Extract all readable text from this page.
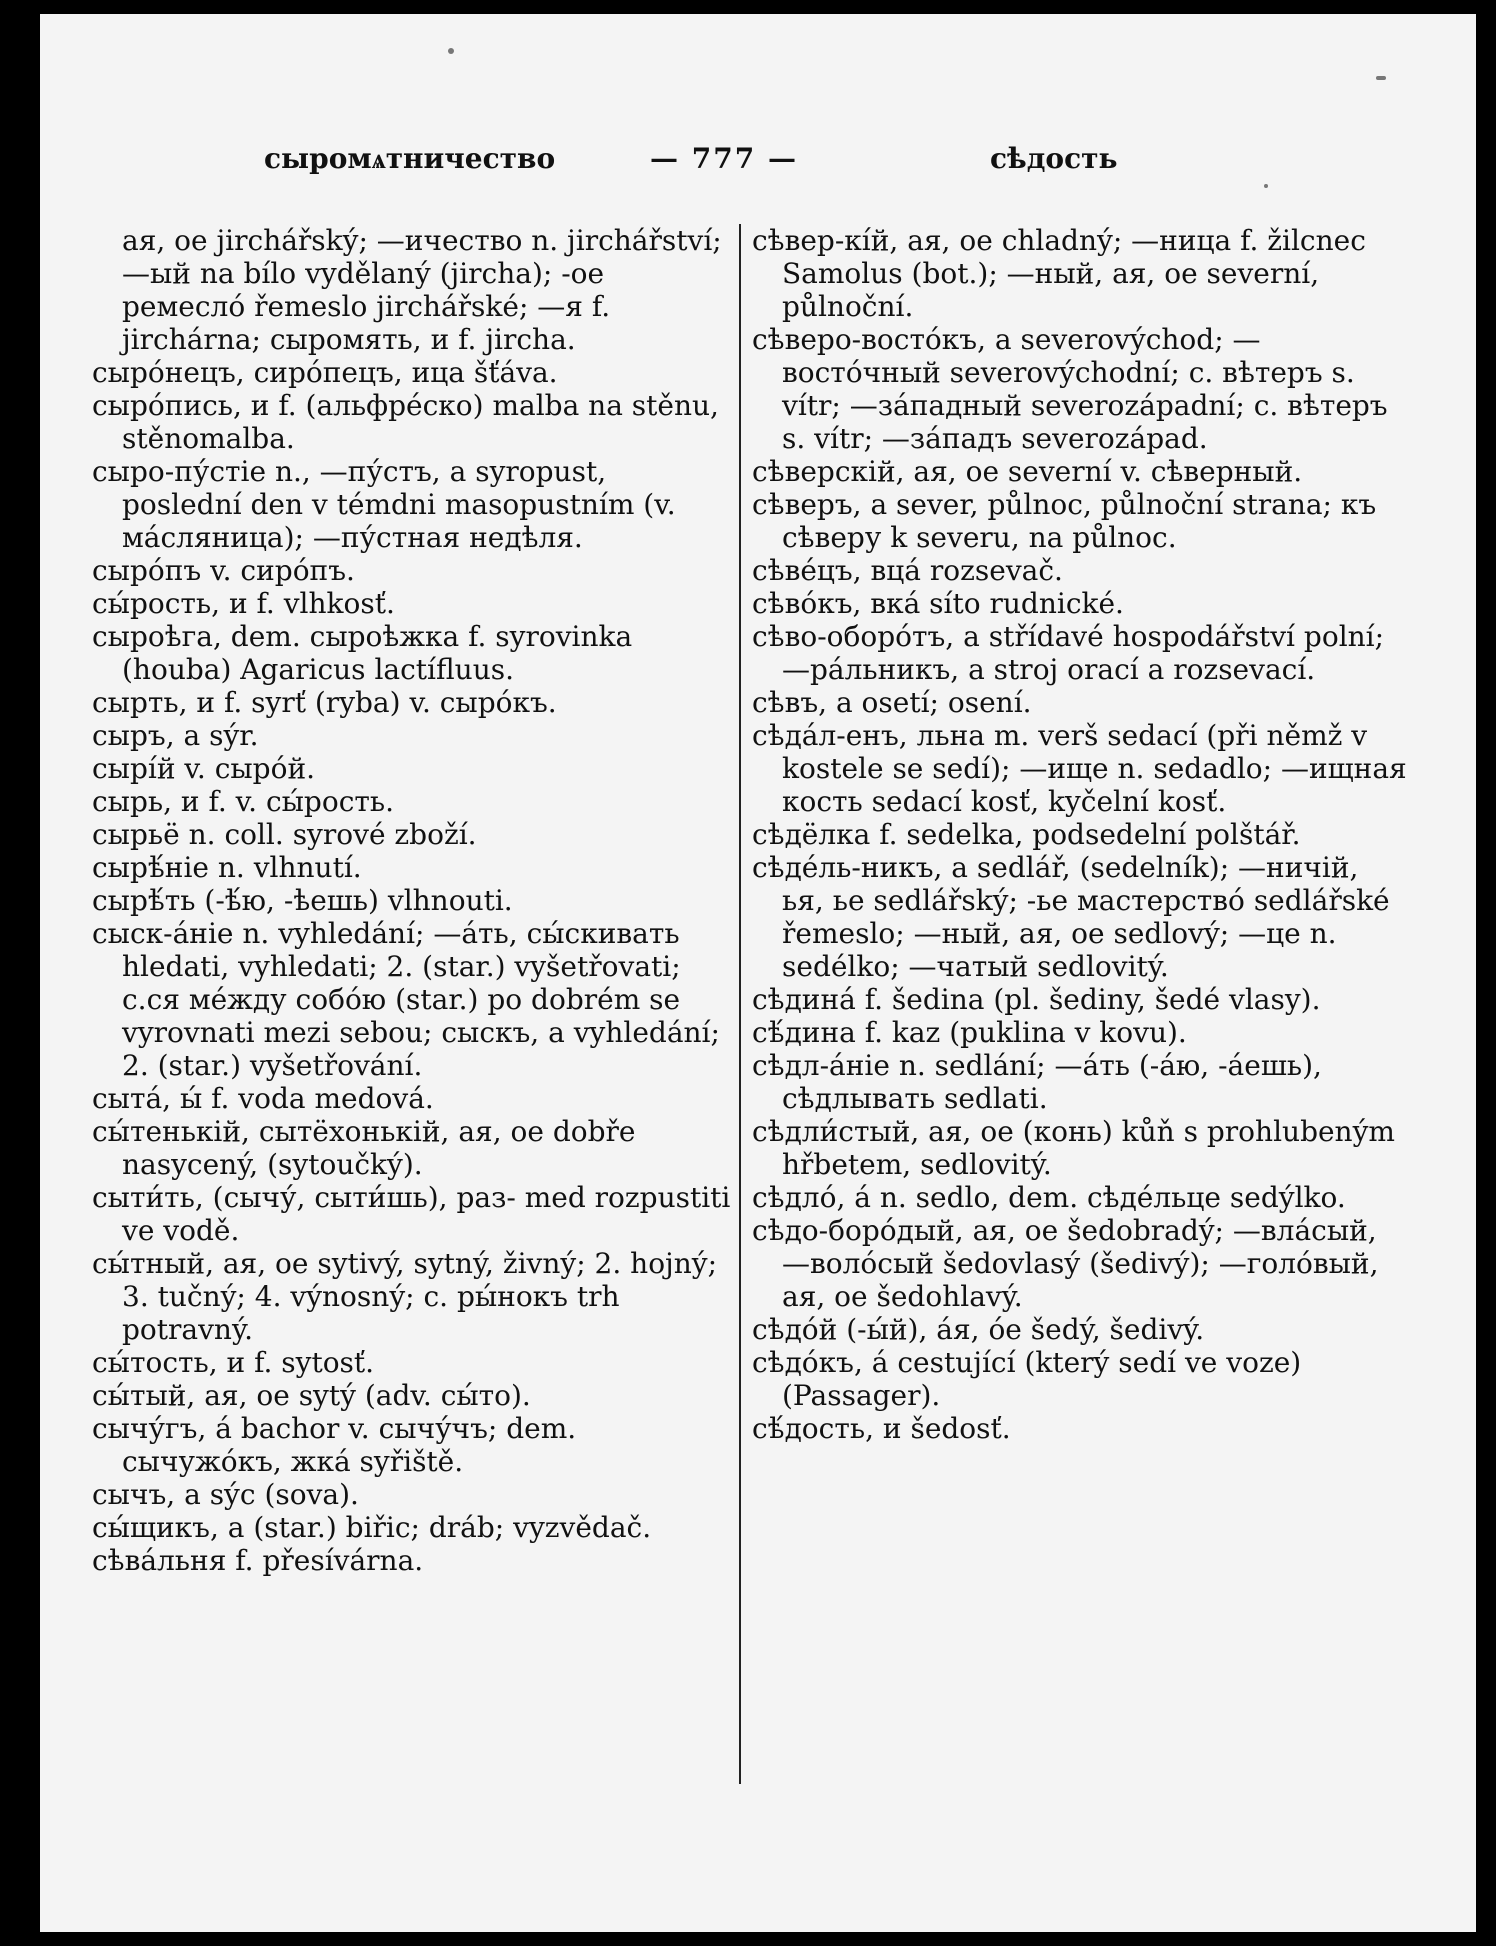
сыромѧтничество	— 777 —	сѣдость

ая, ое jirchářský; —ичество n. jirchářství; —ый na bílo vydělaný (jircha); -ое ремесло́ řemeslo jirchářské; —я f. jirchárna; сыромять, и f. jircha.

сыро́нецъ, сиро́пецъ, ица šťáva.

сыро́пись, и f. (альфре́ско) malba na stěnu, stěnomalba.

сыро-пу́стіе n., —пу́стъ, а syropust, poslední den v témdni masopustním (v. ма́сляница); —пу́стная недѣля.

сыро́пъ v. сиро́пъ.

сы́рость, и f. vlhkosť.

сыроѣга, dem. сыроѣжка f. syrovinka (houba) Agaricus lactífluus.

сырть, и f. syrť (ryba) v. сыро́къ.

сыръ, а sýr.

сырі́й v. сыро́й.

сырь, и f. v. сы́рость.

сырьё n. coll. syrové zboží.

сырѣ́ніе n. vlhnutí.

сырѣ́ть (-ѣ́ю, -ѣешь) vlhnouti.

сыск-а́ніе n. vyhledání; —а́ть, сы́скивать hledati, vyhledati; 2. (star.) vyšetřovati; с.ся ме́жду собо́ю (star.) po dobrém se vyrovnati mezi sebou; сыскъ, а vyhledání; 2. (star.) vyšetřování.

сыта́, ы́ f. voda medová.

сы́тенькій, сытёхонькій, ая, ое dobře nasycený, (sytoučký).

сыти́ть, (сычу́, сыти́шь), раз- med rozpustiti ve vodě.

сы́тный, ая, ое sytivý, sytný, živný; 2. hojný; 3. tučný; 4. výnosný; с. ры́нокъ trh potravný.

сы́тость, и f. sytosť.

сы́тый, ая, ое sytý (adv. сы́то).

сычу́гъ, а́ bachor v. сычу́чъ; dem. сычужо́къ, жка́ syřiště.

сычъ, а sýc (sova).

сы́щикъ, а (star.) biřic; dráb; vyzvědač.

сѣва́льня f. přesívárna.

сѣвер-кі́й, ая, ое chladný; —ница f. žilcnec Samolus (bot.); —ный, ая, ое severní, půlnoční.

сѣверо-восто́къ, а severovýchod; —восто́чный severovýchodní; с. вѣтеръ s. vítr; —за́падный severozápadní; с. вѣтеръ s. vítr; —за́падъ severozápad.

сѣверскій, ая, ое severní v. сѣверный.

сѣверъ, а sever, půlnoc, půlnoční strana; къ сѣверу k severu, na půlnoc.

сѣве́цъ, вца́ rozsevač.

сѣво́къ, вка́ síto rudnické.

сѣво-оборо́тъ, а střídavé hospodářství polní; —ра́льникъ, а stroj orací a rozsevací.

сѣвъ, а osetí; osení.

сѣда́л-енъ, льна m. verš sedací (při němž v kostele se sedí); —ище n. sedadlo; —ищная кость sedací kosť, kyčelní kosť.

сѣдёлка f. sedelka, podsedelní polštář.

сѣде́ль-никъ, а sedlář, (sedelník); —ничій, ья, ье sedlářský; -ье мастерство́ sedlářské řemeslo; —ный, ая, ое sedlový; —це n. sedélko; —чатый sedlovitý.

сѣдина́ f. šedina (pl. šediny, šedé vlasy).

сѣ́дина f. kaz (puklina v kovu).

сѣдл-а́ніе n. sedlání; —а́ть (-а́ю, -а́ешь), сѣдлывать sedlati.

сѣдли́стый, ая, ое (конь) kůň s prohlubeným hřbetem, sedlovitý.

сѣдло́, а́ n. sedlo, dem. сѣде́льце sedýlko.

сѣдо-боро́дый, ая, ое šedobradý; —вла́сый, —воло́сый šedovlasý (šedivý); —голо́вый, ая, ое šedohlavý.

сѣдо́й (-ы́й), а́я, о́е šedý, šedivý.

сѣдо́къ, а́ cestující (který sedí ve voze) (Passager).

сѣ́дость, и šedosť.
